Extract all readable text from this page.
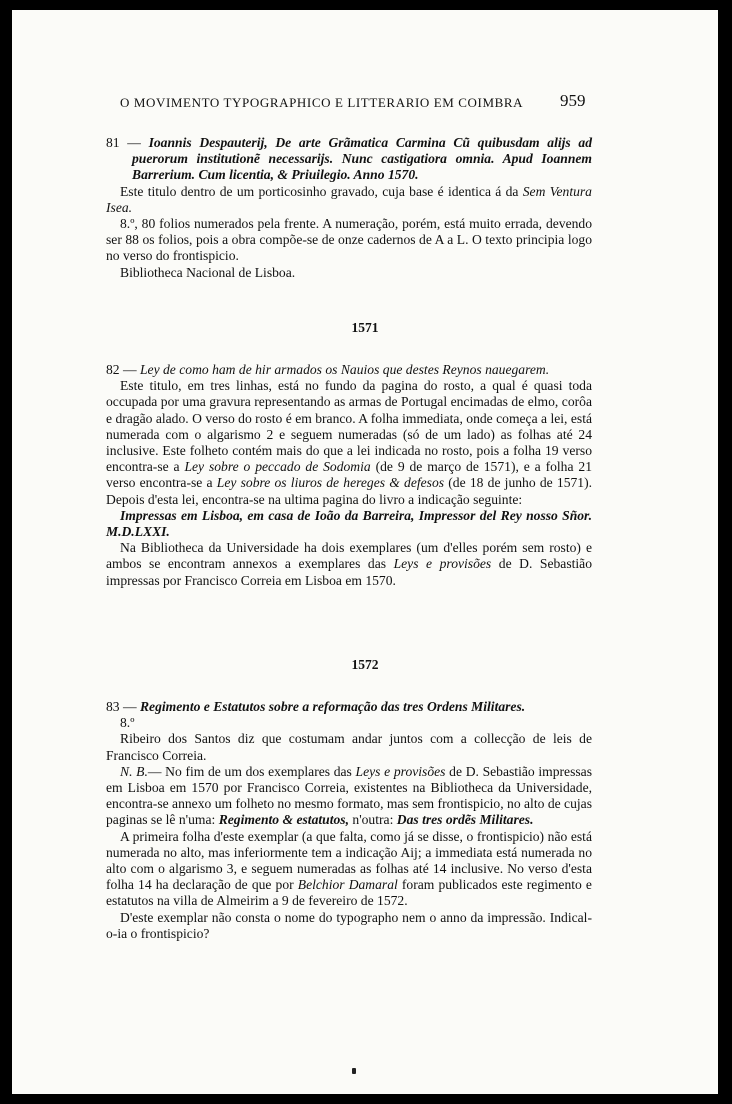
O MOVIMENTO TYPOGRAPHICO E LITTERARIO EM COIMBRA	959

81 — Ioannis Despauterij, De arte Grãmatica Carmina Cũ quibusdam alijs ad puerorum institutionẽ necessarijs. Nunc castigatiora omnia. Apud Ioannem Barrerium. Cum licentia, & Priuilegio. Anno 1570.

Este titulo dentro de um porticosinho gravado, cuja base é identica á da Sem Ventura Isea.

8.º, 80 folios numerados pela frente. A numeração, porém, está muito errada, devendo ser 88 os folios, pois a obra compõe-se de onze cadernos de A a L. O texto principia logo no verso do frontispicio.

Bibliotheca Nacional de Lisboa.

1571

82 — Ley de como ham de hir armados os Nauios que destes Reynos nauegarem.

Este titulo, em tres linhas, está no fundo da pagina do rosto, a qual é quasi toda occupada por uma gravura representando as armas de Portugal encimadas de elmo, corôa e dragão alado. O verso do rosto é em branco. A folha immediata, onde começa a lei, está numerada com o algarismo 2 e seguem numeradas (só de um lado) as folhas até 24 inclusive. Este folheto contém mais do que a lei indicada no rosto, pois a folha 19 verso encontra-se a Ley sobre o peccado de Sodomia (de 9 de março de 1571), e a folha 21 verso encontra-se a Ley sobre os liuros de hereges & defesos (de 18 de junho de 1571). Depois d'esta lei, encontra-se na ultima pagina do livro a indicação seguinte:

Impressas em Lisboa, em casa de Ioão da Barreira, Impressor del Rey nosso Sñor. M.D.LXXI.

Na Bibliotheca da Universidade ha dois exemplares (um d'elles porém sem rosto) e ambos se encontram annexos a exemplares das Leys e provisões de D. Sebastião impressas por Francisco Correia em Lisboa em 1570.

1572

83 — Regimento e Estatutos sobre a reformação das tres Ordens Militares.

8.º

Ribeiro dos Santos diz que costumam andar juntos com a collecção de leis de Francisco Correia.

N. B.— No fim de um dos exemplares das Leys e provisões de D. Sebastião impressas em Lisboa em 1570 por Francisco Correia, existentes na Bibliotheca da Universidade, encontra-se annexo um folheto no mesmo formato, mas sem frontispicio, no alto de cujas paginas se lê n'uma: Regimento & estatutos, n'outra: Das tres ordẽs Militares.

A primeira folha d'este exemplar (a que falta, como já se disse, o frontispicio) não está numerada no alto, mas inferiormente tem a indicação Aij; a immediata está numerada no alto com o algarismo 3, e seguem numeradas as folhas até 14 inclusive. No verso d'esta folha 14 ha declaração de que por Belchior Damaral foram publicados este regimento e estatutos na villa de Almeirim a 9 de fevereiro de 1572.

D'este exemplar não consta o nome do typographo nem o anno da impressão. Indical-o-ia o frontispicio?
